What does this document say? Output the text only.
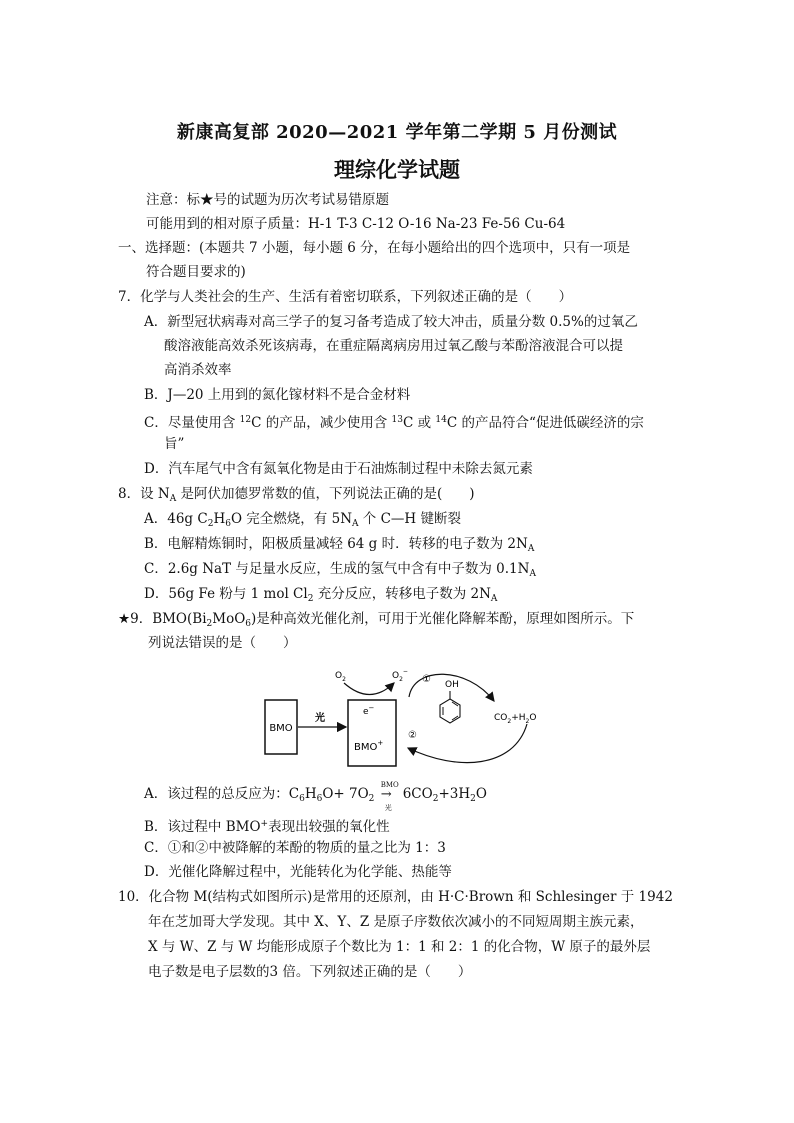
新康高复部 2020—2021 学年第二学期 5 月份测试
理综化学试题
注意：标★号的试题为历次考试易错原题
可能用到的相对原子质量：H-1 T-3 C-12 O-16 Na-23 Fe-56 Cu-64
一、选择题：(本题共 7 小题，每小题 6 分，在每小题给出的四个选项中，只有一项是
符合题目要求的)
7．化学与人类社会的生产、生活有着密切联系，下列叙述正确的是（　　）
A．新型冠状病毒对高三学子的复习备考造成了较大冲击，质量分数 0.5%的过氧乙
酸溶液能高效杀死该病毒，在重症隔离病房用过氧乙酸与苯酚溶液混合可以提
高消杀效率
B．J—20 上用到的氮化镓材料不是合金材料
C．尽量使用含 $^{12}$C 的产品，减少使用含 $^{13}$C 或 $^{14}$C 的产品符合“促进低碳经济的宗
旨”
D．汽车尾气中含有氮氧化物是由于石油炼制过程中未除去氮元素
8．设 $N_A$ 是阿伏加德罗常数的值，下列说法正确的是(　　)
A．46g $C_2H_6O$ 完全燃烧，有 $5N_A$ 个 C—H 键断裂
B．电解精炼铜时，阳极质量减轻 64 g 时．转移的电子数为 $2N_A$
C．2.6g NaT 与足量水反应，生成的氢气中含有中子数为 $0.1N_A$
D．56g Fe 粉与 1 mol $Cl_2$ 充分反应，转移电子数为 $2N_A$
★9．$BMO(Bi_2MoO_6)$是种高效光催化剂，可用于光催化降解苯酚，原理如图所示。下
列说法错误的是（　　）
BMO
光
e−
BMO+
$O_2$	$O_2^-$
① OH
②
$CO_2+H_2O$
A．该过程的总反应为：$C_6H_6O+ 7O_2$
BMO
→
光
$6CO_2+3H_2O$
B．该过程中 BMO+表现出较强的氧化性
C．①和②中被降解的苯酚的物质的量之比为 1：3
D．光催化降解过程中，光能转化为化学能、热能等
10．化合物 M(结构式如图所示)是常用的还原剂，由 H·C·Brown 和 Schlesinger 于 1942
年在芝加哥大学发现。其中 X、Y、Z 是原子序数依次减小的不同短周期主族元素，
X 与 W、Z 与 W 均能形成原子个数比为 1：1 和 2：1 的化合物，W 原子的最外层
电子数是电子层数的3 倍。下列叙述正确的是（　　）
